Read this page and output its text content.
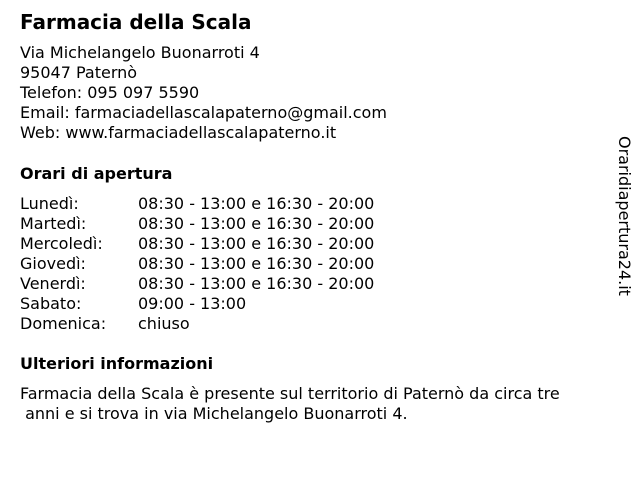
Farmacia della Scala
Via Michelangelo Buonarroti 4
95047 Paternò
Telefon: 095 097 5590
Email: farmaciadellascalapaterno@gmail.com
Web: www.farmaciadellascalapaterno.it
Orari di apertura
Lunedì:	08:30 - 13:00 e 16:30 - 20:00
Martedì:	08:30 - 13:00 e 16:30 - 20:00
Mercoledì: 08:30 - 13:00 e 16:30 - 20:00
Giovedì:	08:30 - 13:00 e 16:30 - 20:00
Venerdì:	08:30 - 13:00 e 16:30 - 20:00
Sabato:	09:00 - 13:00
Domenica: chiuso
Ulteriori informazioni
Farmacia della Scala è presente sul territorio di Paternò da circa tre
anni e si trova in via Michelangelo Buonarroti 4.
Oraridiapertura24.it
